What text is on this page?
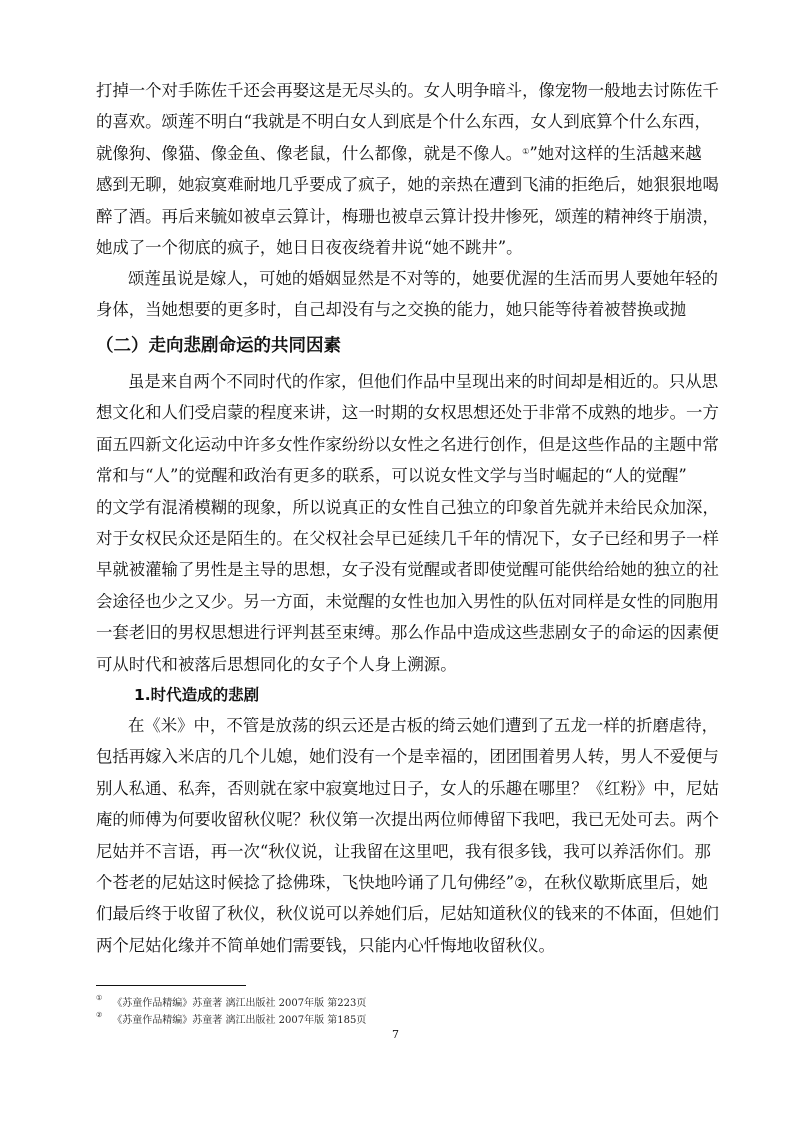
打掉一个对手陈佐千还会再娶这是无尽头的。女人明争暗斗，像宠物一般地去讨陈佐千
的喜欢。颂莲不明白“我就是不明白女人到底是个什么东西，女人到底算个什么东西，
就像狗、像猫、像金鱼、像老鼠，什么都像，就是不像人。①”她对这样的生活越来越
感到无聊，她寂寞难耐地几乎要成了疯子，她的亲热在遭到飞浦的拒绝后，她狠狠地喝
醉了酒。再后来毓如被卓云算计，梅珊也被卓云算计投井惨死，颂莲的精神终于崩溃，
她成了一个彻底的疯子，她日日夜夜绕着井说“她不跳井”。
颂莲虽说是嫁人，可她的婚姻显然是不对等的，她要优渥的生活而男人要她年轻的
身体，当她想要的更多时，自己却没有与之交换的能力，她只能等待着被替换或抛
（二）走向悲剧命运的共同因素
虽是来自两个不同时代的作家，但他们作品中呈现出来的时间却是相近的。只从思
想文化和人们受启蒙的程度来讲，这一时期的女权思想还处于非常不成熟的地步。一方
面五四新文化运动中许多女性作家纷纷以女性之名进行创作，但是这些作品的主题中常
常和与“人”的觉醒和政治有更多的联系，可以说女性文学与当时崛起的“人的觉醒”
的文学有混淆模糊的现象，所以说真正的女性自己独立的印象首先就并未给民众加深，
对于女权民众还是陌生的。在父权社会早已延续几千年的情况下，女子已经和男子一样
早就被灌输了男性是主导的思想，女子没有觉醒或者即使觉醒可能供给给她的独立的社
会途径也少之又少。另一方面，未觉醒的女性也加入男性的队伍对同样是女性的同胞用
一套老旧的男权思想进行评判甚至束缚。那么作品中造成这些悲剧女子的命运的因素便
可从时代和被落后思想同化的女子个人身上溯源。
1.时代造成的悲剧
在《米》中，不管是放荡的织云还是古板的绮云她们遭到了五龙一样的折磨虐待，
包括再嫁入米店的几个儿媳，她们没有一个是幸福的，团团围着男人转，男人不爱便与
别人私通、私奔，否则就在家中寂寞地过日子，女人的乐趣在哪里？《红粉》中，尼姑
庵的师傅为何要收留秋仪呢？秋仪第一次提出两位师傅留下我吧，我已无处可去。两个
尼姑并不言语，再一次“秋仪说，让我留在这里吧，我有很多钱，我可以养活你们。那
个苍老的尼姑这时候捻了捻佛珠，飞快地吟诵了几句佛经”②，在秋仪歇斯底里后，她
们最后终于收留了秋仪，秋仪说可以养她们后，尼姑知道秋仪的钱来的不体面，但她们
两个尼姑化缘并不简单她们需要钱，只能内心忏悔地收留秋仪。
① 《苏童作品精编》苏童著 漓江出版社 2007年版 第223页
② 《苏童作品精编》苏童著 漓江出版社 2007年版 第185页
7
